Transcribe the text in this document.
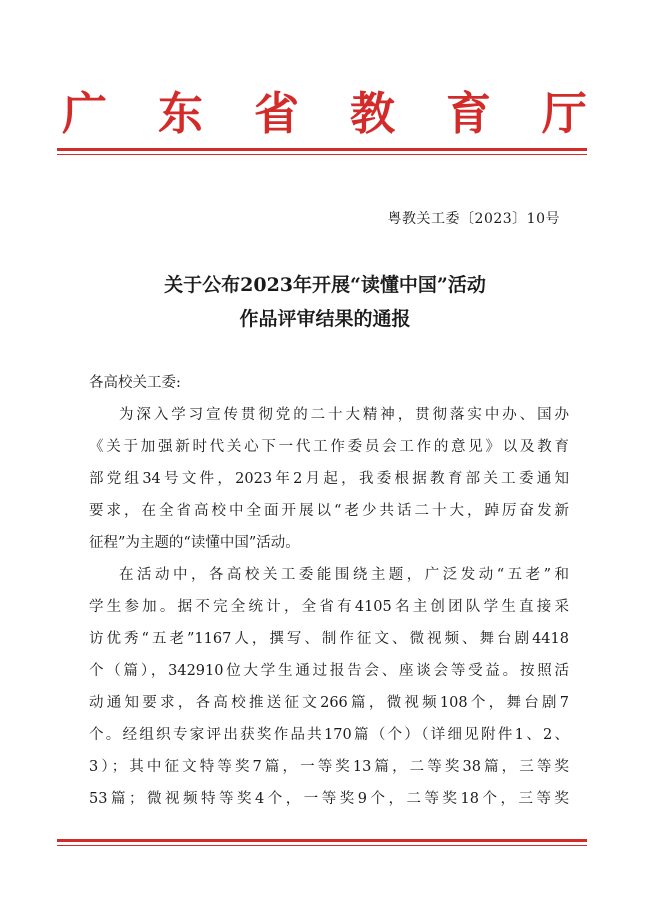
广 东 省 教 育 厅
粤教关工委〔2023〕10号
关于公布2023年开展“读懂中国”活动
作品评审结果的通报
各高校关工委:
为深入学习宣传贯彻党的二十大精神，贯彻落实中办、国办
《关于加强新时代关心下一代工作委员会工作的意见》以及教育
部党组34号文件，2023年2月起，我委根据教育部关工委通知
要求，在全省高校中全面开展以“老少共话二十大，踔厉奋发新
征程”为主题的“读懂中国”活动。
在活动中，各高校关工委能围绕主题，广泛发动“五老”和
学生参加。据不完全统计，全省有4105名主创团队学生直接采
访优秀“五老”1167人，撰写、制作征文、微视频、舞台剧4418
个（篇），342910位大学生通过报告会、座谈会等受益。按照活
动通知要求，各高校推送征文266篇，微视频108个，舞台剧7
个。经组织专家评出获奖作品共170篇（个）（详细见附件1、2、
3）；其中征文特等奖7篇，一等奖13篇，二等奖38篇，三等奖
53篇；微视频特等奖4个，一等奖9个，二等奖18个，三等奖
